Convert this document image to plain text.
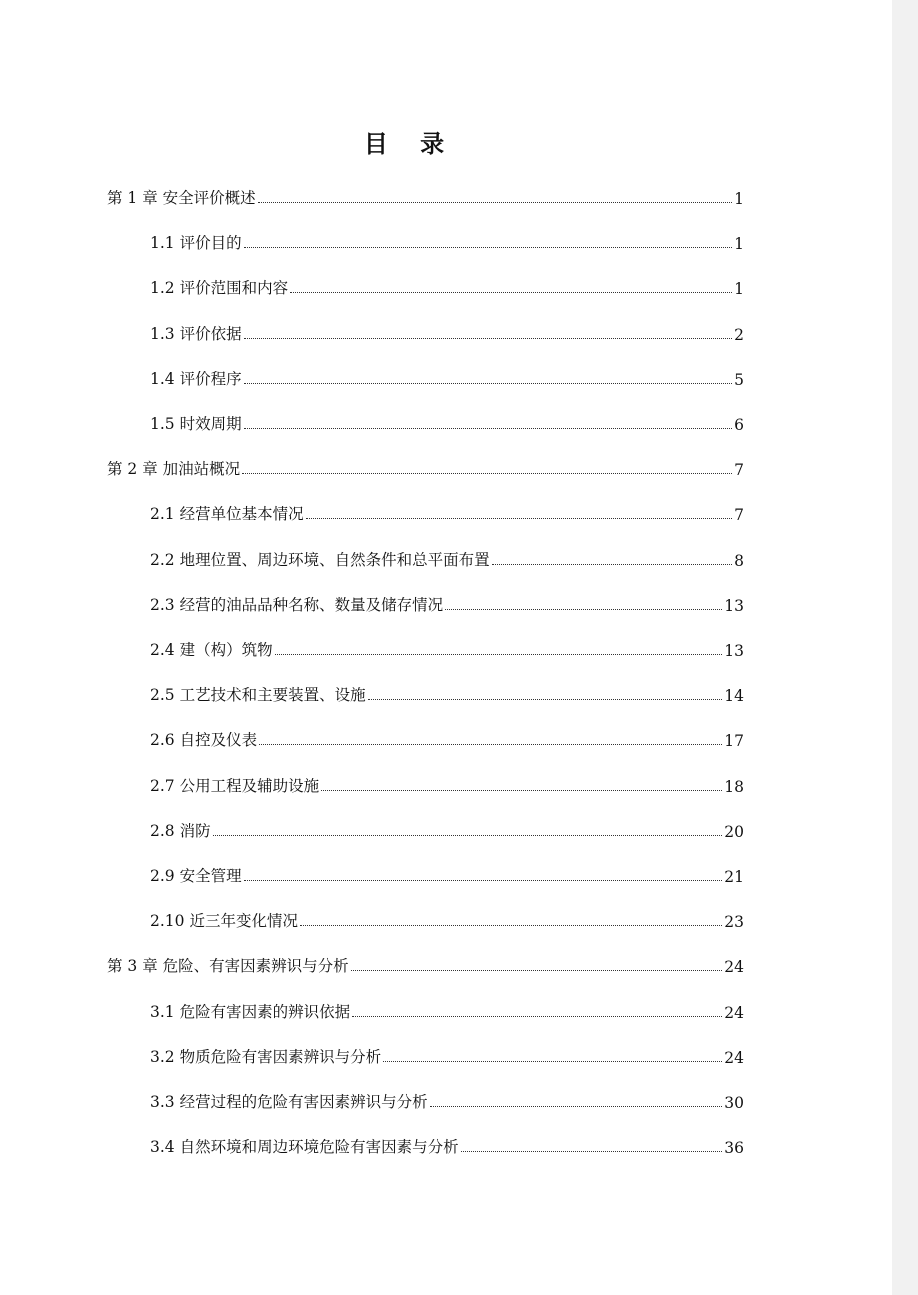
目 录
第 1 章 安全评价概述	1
1.1 评价目的	1
1.2 评价范围和内容	1
1.3 评价依据	2
1.4 评价程序	5
1.5 时效周期	6
第 2 章 加油站概况	7
2.1 经营单位基本情况	7
2.2 地理位置、周边环境、自然条件和总平面布置	8
2.3 经营的油品品种名称、数量及储存情况	13
2.4 建（构）筑物	13
2.5 工艺技术和主要装置、设施	14
2.6 自控及仪表	17
2.7 公用工程及辅助设施	18
2.8 消防	20
2.9 安全管理	21
2.10 近三年变化情况	23
第 3 章 危险、有害因素辨识与分析	24
3.1 危险有害因素的辨识依据	24
3.2 物质危险有害因素辨识与分析	24
3.3 经营过程的危险有害因素辨识与分析	30
3.4 自然环境和周边环境危险有害因素与分析	36
